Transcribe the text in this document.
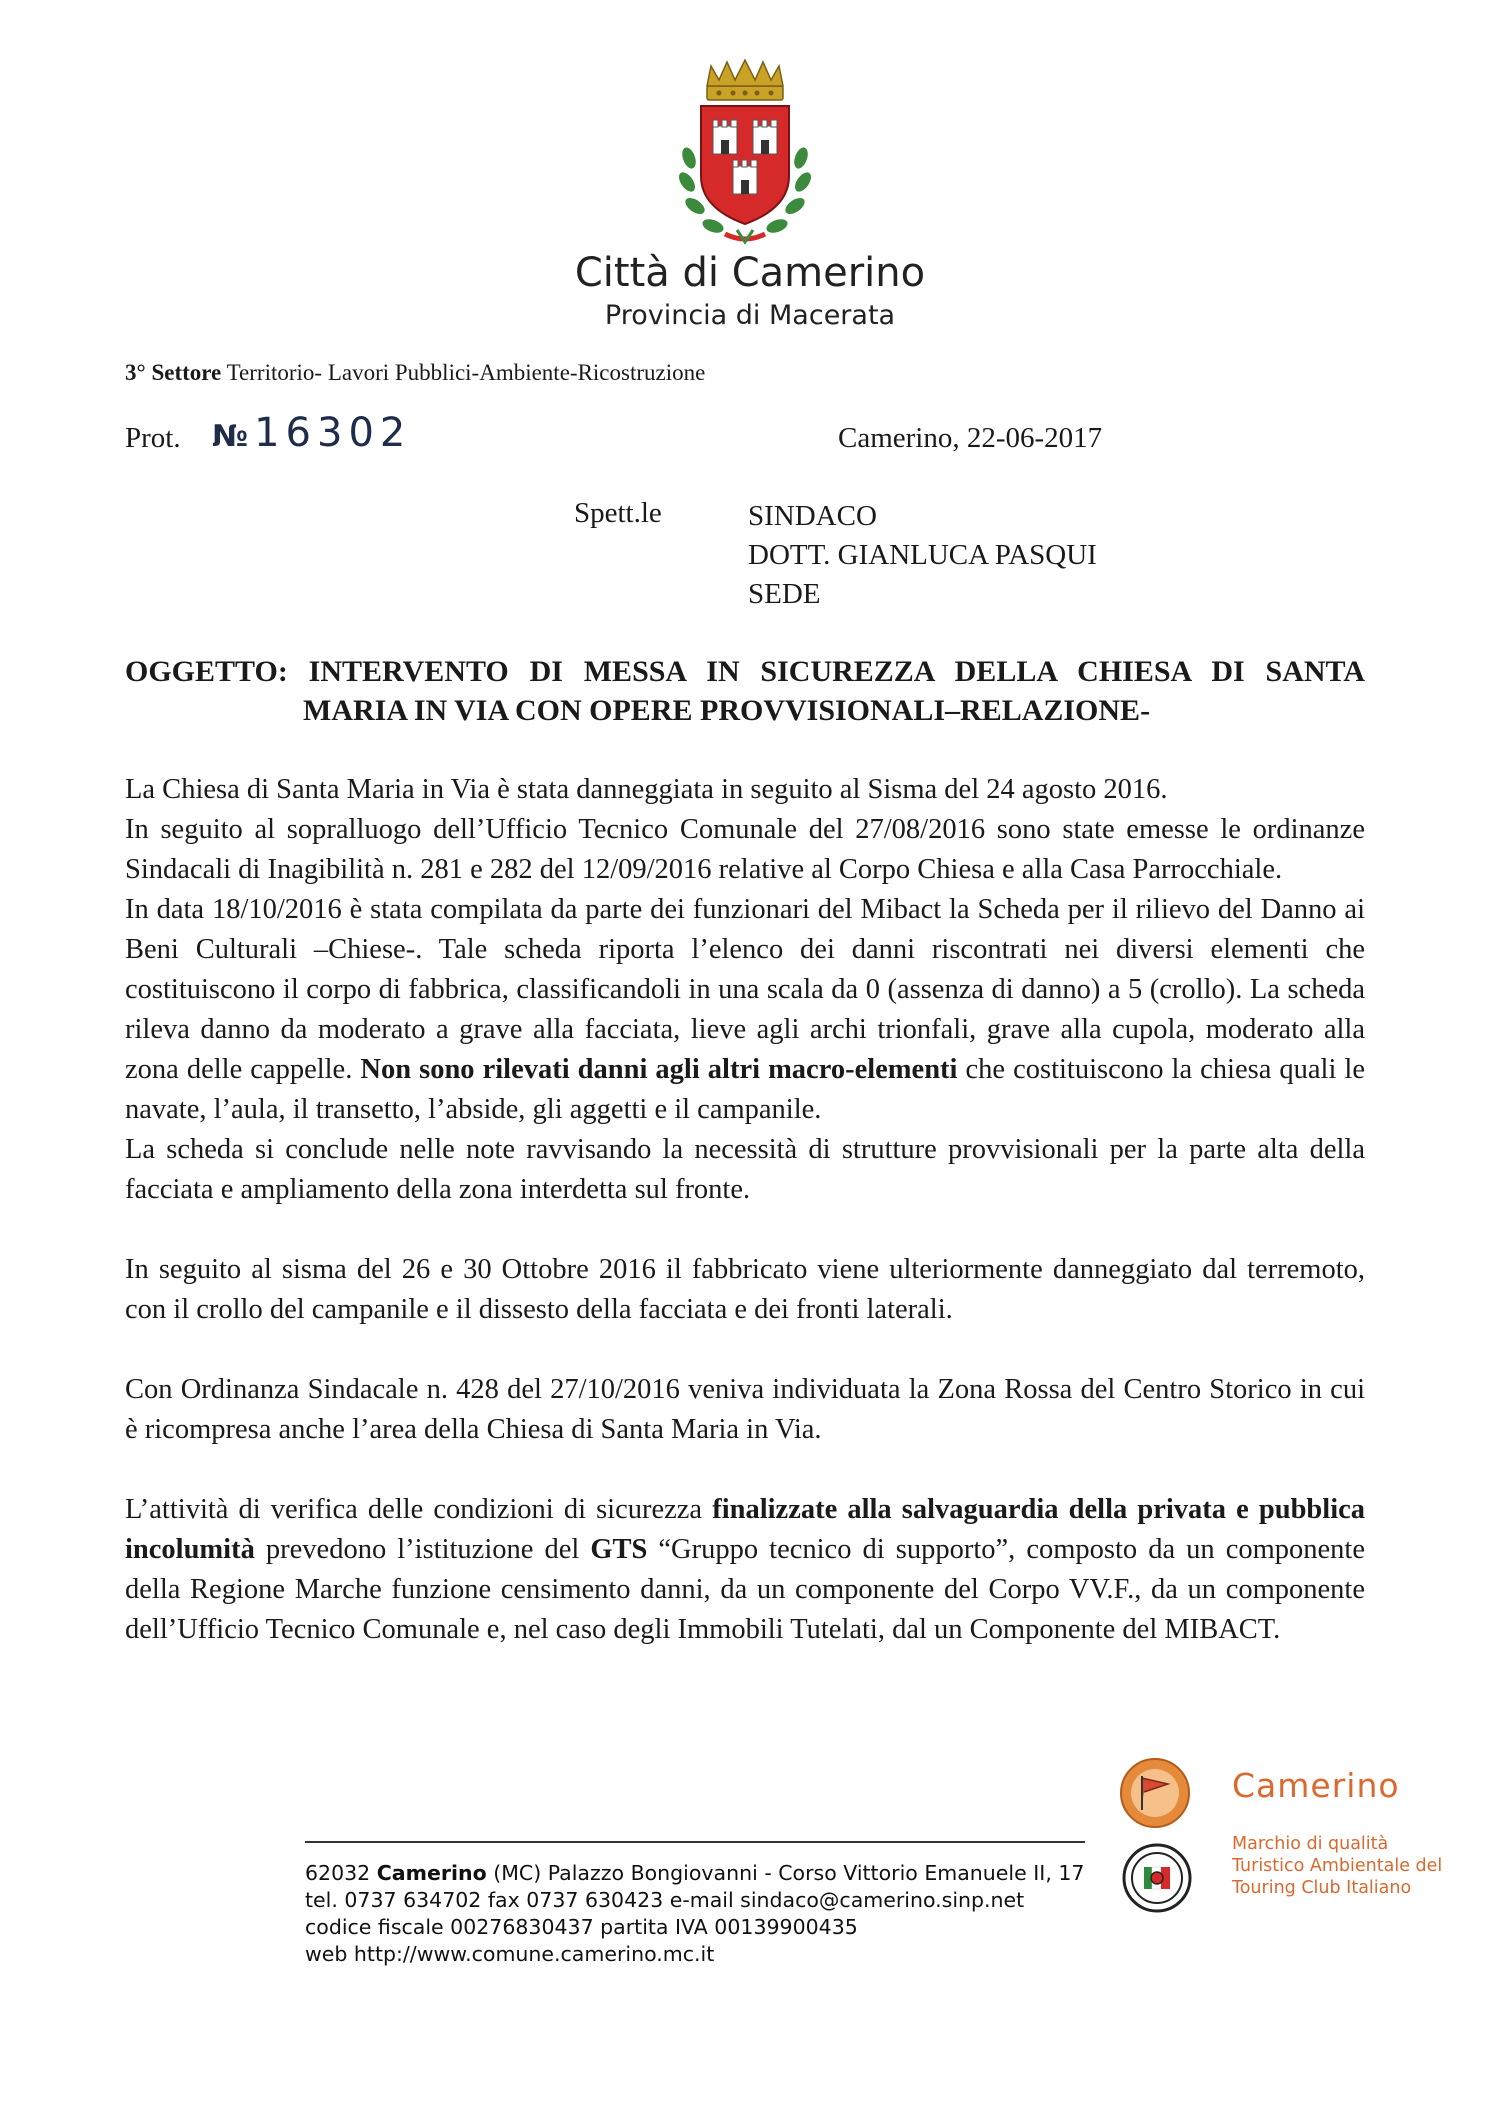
Città di Camerino
Provincia di Macerata
3° Settore Territorio- Lavori Pubblici-Ambiente-Ricostruzione
Prot. № 16302	Camerino, 22-06-2017
Spett.le	SINDACO
DOTT. GIANLUCA PASQUI
SEDE
OGGETTO: INTERVENTO DI MESSA IN SICUREZZA DELLA CHIESA DI SANTA
MARIA IN VIA CON OPERE PROVVISIONALI–RELAZIONE-

La Chiesa di Santa Maria in Via è stata danneggiata in seguito al Sisma del 24 agosto 2016.

In seguito al sopralluogo dell’Ufficio Tecnico Comunale del 27/08/2016 sono state emesse le ordinanze Sindacali di Inagibilità n. 281 e 282 del 12/09/2016 relative al Corpo Chiesa e alla Casa Parrocchiale.

In data 18/10/2016 è stata compilata da parte dei funzionari del Mibact la Scheda per il rilievo del Danno ai Beni Culturali –Chiese-. Tale scheda riporta l’elenco dei danni riscontrati nei diversi elementi che costituiscono il corpo di fabbrica, classificandoli in una scala da 0 (assenza di danno) a 5 (crollo). La scheda rileva danno da moderato a grave alla facciata, lieve agli archi trionfali, grave alla cupola, moderato alla zona delle cappelle. Non sono rilevati danni agli altri macro-elementi che costituiscono la chiesa quali le navate, l’aula, il transetto, l’abside, gli aggetti e il campanile.

La scheda si conclude nelle note ravvisando la necessità di strutture provvisionali per la parte alta della facciata e ampliamento della zona interdetta sul fronte.

In seguito al sisma del 26 e 30 Ottobre 2016 il fabbricato viene ulteriormente danneggiato dal terremoto, con il crollo del campanile e il dissesto della facciata e dei fronti laterali.

Con Ordinanza Sindacale n. 428 del 27/10/2016 veniva individuata la Zona Rossa del Centro Storico in cui è ricompresa anche l’area della Chiesa di Santa Maria in Via.

L’attività di verifica delle condizioni di sicurezza finalizzate alla salvaguardia della privata e pubblica incolumità prevedono l’istituzione del GTS “Gruppo tecnico di supporto”, composto da un componente della Regione Marche funzione censimento danni, da un componente del Corpo VV.F., da un componente dell’Ufficio Tecnico Comunale e, nel caso degli Immobili Tutelati, dal un Componente del MIBACT.

62032 Camerino (MC) Palazzo Bongiovanni - Corso Vittorio Emanuele II, 17
tel. 0737 634702 fax 0737 630423 e-mail sindaco@camerino.sinp.net
codice fiscale 00276830437 partita IVA 00139900435
web http://www.comune.camerino.mc.it
Camerino
Marchio di qualità
Turistico Ambientale del
Touring Club Italiano
